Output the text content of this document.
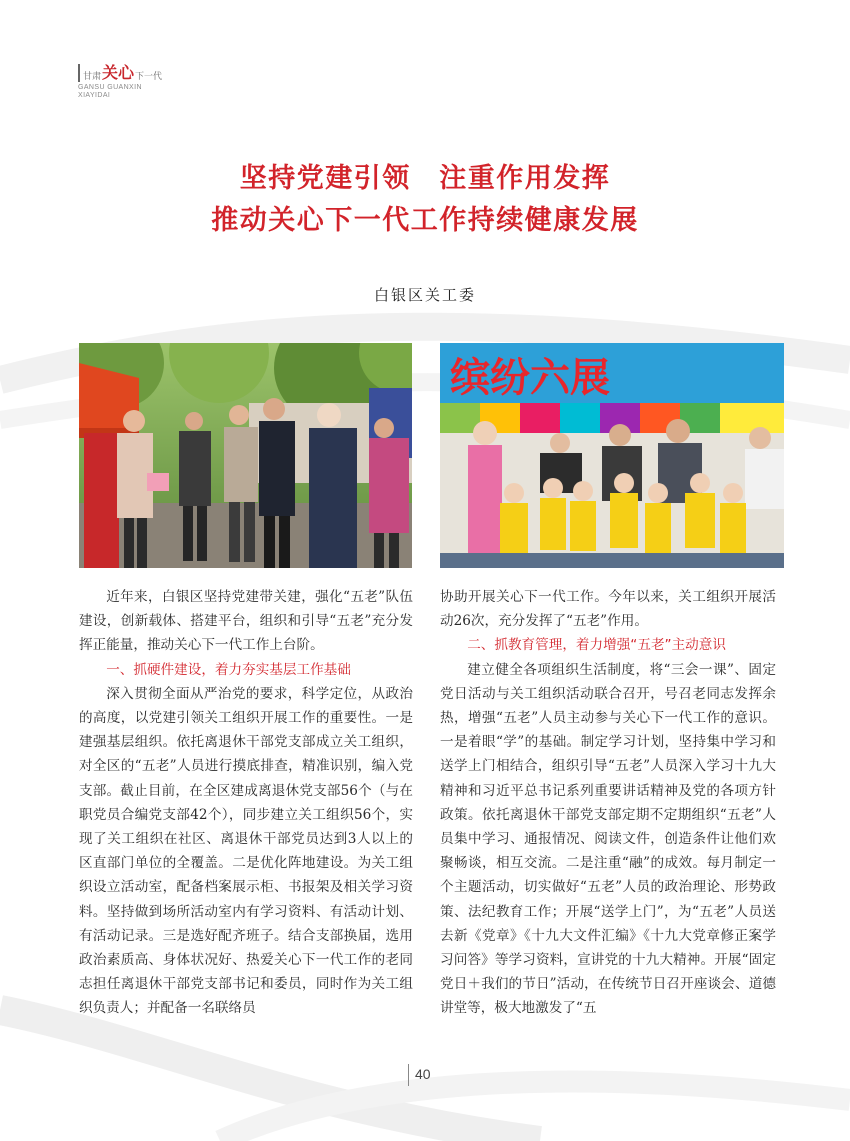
甘肃 关心 下一代
GANSU GUANXIN
XIAYIDAI
坚持党建引领　注重作用发挥
推动关心下一代工作持续健康发展
白银区关工委
缤纷六展

近年来，白银区坚持党建带关建，强化“五老”队伍建设，创新载体、搭建平台，组织和引导“五老”充分发挥正能量，推动关心下一代工作上台阶。

一、抓硬件建设，着力夯实基层工作基础

深入贯彻全面从严治党的要求，科学定位，从政治的高度，以党建引领关工组织开展工作的重要性。一是建强基层组织。依托离退休干部党支部成立关工组织，对全区的“五老”人员进行摸底排查，精准识别，编入党支部。截止目前，在全区建成离退休党支部56个（与在职党员合编党支部42个），同步建立关工组织56个，实现了关工组织在社区、离退休干部党员达到3人以上的区直部门单位的全覆盖。二是优化阵地建设。为关工组织设立活动室，配备档案展示柜、书报架及相关学习资料。坚持做到场所活动室内有学习资料、有活动计划、有活动记录。三是选好配齐班子。结合支部换届，选用政治素质高、身体状况好、热爱关心下一代工作的老同志担任离退休干部党支部书记和委员，同时作为关工组织负责人；并配备一名联络员

协助开展关心下一代工作。今年以来，关工组织开展活动26次，充分发挥了“五老”作用。

二、抓教育管理，着力增强“五老”主动意识

建立健全各项组织生活制度，将“三会一课”、固定党日活动与关工组织活动联合召开，号召老同志发挥余热，增强“五老”人员主动参与关心下一代工作的意识。一是着眼“学”的基础。制定学习计划，坚持集中学习和送学上门相结合，组织引导“五老”人员深入学习十九大精神和习近平总书记系列重要讲话精神及党的各项方针政策。依托离退休干部党支部定期不定期组织“五老”人员集中学习、通报情况、阅读文件，创造条件让他们欢聚畅谈，相互交流。二是注重“融”的成效。每月制定一个主题活动，切实做好“五老”人员的政治理论、形势政策、法纪教育工作；开展“送学上门”，为“五老”人员送去新《党章》《十九大文件汇编》《十九大党章修正案学习问答》等学习资料，宣讲党的十九大精神。开展“固定党日＋我们的节日”活动，在传统节日召开座谈会、道德讲堂等，极大地激发了“五

40
